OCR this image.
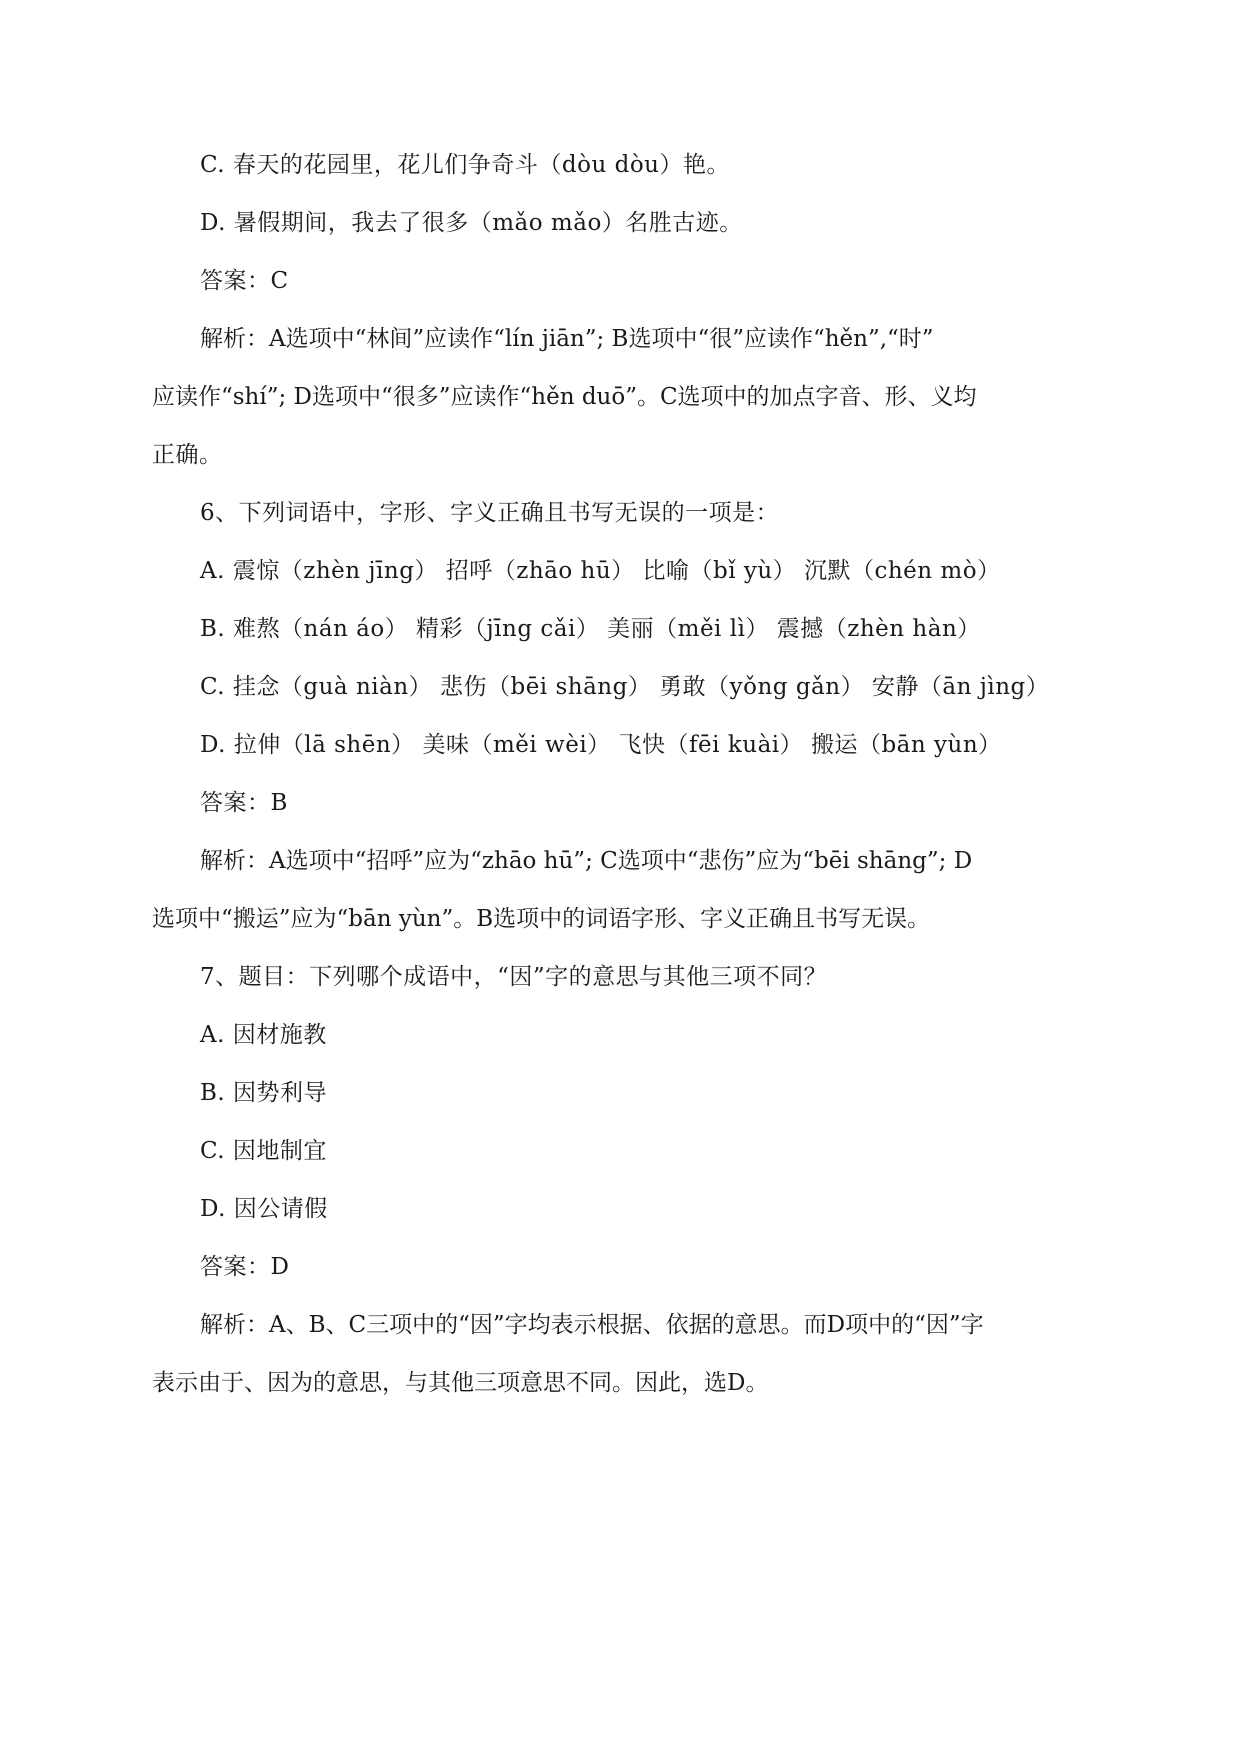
C. 春天的花园里，花儿们争奇斗（dòu dòu）艳。
D. 暑假期间，我去了很多（mǎo mǎo）名胜古迹。
答案：C
解析：A选项中“林间”应读作“lín jiān”; B选项中“很”应读作“hěn”,“时”
应读作“shí”; D选项中“很多”应读作“hěn duō”。C选项中的加点字音、形、义均
正确。
6、下列词语中，字形、字义正确且书写无误的一项是：
A. 震惊（zhèn jīng） 招呼（zhāo hū） 比喻（bǐ yù） 沉默（chén mò）
B. 难熬（nán áo） 精彩（jīng cǎi） 美丽（měi lì） 震撼（zhèn hàn）
C. 挂念（guà niàn） 悲伤（bēi shāng） 勇敢（yǒng gǎn） 安静（ān jìng）
D. 拉伸（lā shēn） 美味（měi wèi） 飞快（fēi kuài） 搬运（bān yùn）
答案：B
解析：A选项中“招呼”应为“zhāo hū”; C选项中“悲伤”应为“bēi shāng”; D
选项中“搬运”应为“bān yùn”。B选项中的词语字形、字义正确且书写无误。
7、题目：下列哪个成语中，“因”字的意思与其他三项不同？
A. 因材施教
B. 因势利导
C. 因地制宜
D. 因公请假
答案：D
解析：A、B、C三项中的“因”字均表示根据、依据的意思。而D项中的“因”字
表示由于、因为的意思，与其他三项意思不同。因此，选D。
